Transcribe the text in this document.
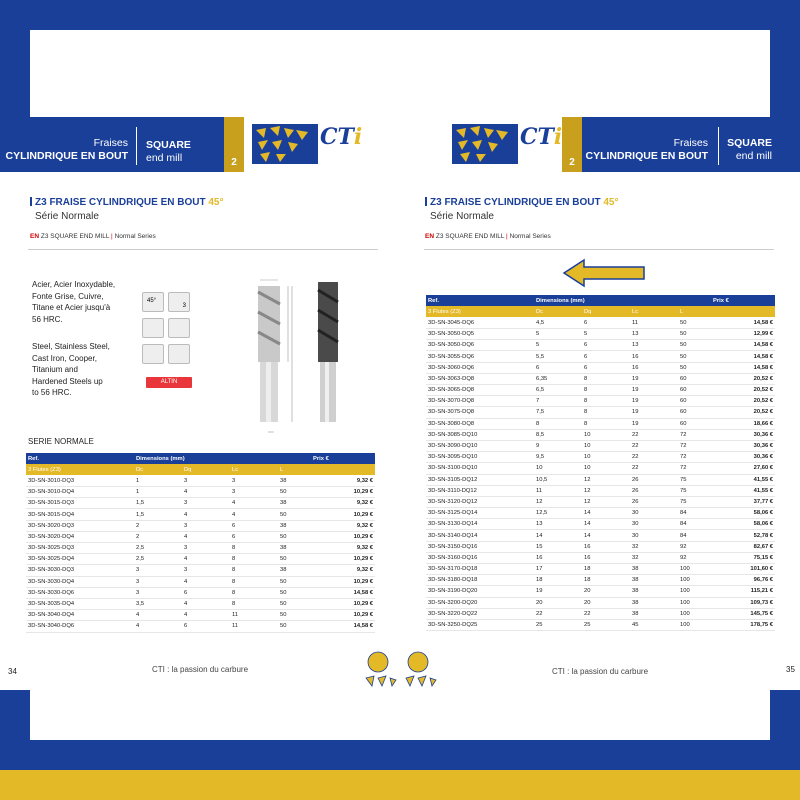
Fraises
CYLINDRIQUE EN BOUT
SQUARE
end mill	2
CTi
Z3 FRAISE CYLINDRIQUE EN BOUT 45°
Série Normale
EN Z3 SQUARE END MILL | Normal Series
Acier, Acier Inoxydable,
Fonte Grise, Cuivre,
Titane et Acier jusqu'à
56 HRC.
Steel, Stainless Steel,
Cast Iron, Cooper,
Titanium and
Hardened Steels up
to 56 HRC.
45°
3
ALTIN
SERIE NORMALE
Ref.	Dimensions (mm)				Prix €
3 Flutes (Z3)	Dc	Dq	Lc	L	
3D-SN-3010-DQ3	1	3	3	38	9,32 €
3D-SN-3010-DQ4	1	4	3	50	10,29 €
3D-SN-3015-DQ3	1,5	3	4	38	9,32 €
3D-SN-3015-DQ4	1,5	4	4	50	10,29 €
3D-SN-3020-DQ3	2	3	6	38	9,32 €
3D-SN-3020-DQ4	2	4	6	50	10,29 €
3D-SN-3025-DQ3	2,5	3	8	38	9,32 €
3D-SN-3025-DQ4	2,5	4	8	50	10,29 €
3D-SN-3030-DQ3	3	3	8	38	9,32 €
3D-SN-3030-DQ4	3	4	8	50	10,29 €
3D-SN-3030-DQ6	3	6	8	50	14,58 €
3D-SN-3035-DQ4	3,5	4	8	50	10,29 €
3D-SN-3040-DQ4	4	4	11	50	10,29 €
3D-SN-3040-DQ6	4	6	11	50	14,58 €
34	CTI : la passion du carbure
CTi
2
Fraises
CYLINDRIQUE EN BOUT
SQUARE
end mill
Z3 FRAISE CYLINDRIQUE EN BOUT 45°
Série Normale
EN Z3 SQUARE END MILL | Normal Series
Ref.	Dimensions (mm)				Prix €
3 Flutes (Z3)	Dc	Dq	Lc	L	
3D-SN-3045-DQ6	4,5	6	11	50	14,58 €
3D-SN-3050-DQ5	5	5	13	50	12,99 €
3D-SN-3050-DQ6	5	6	13	50	14,58 €
3D-SN-3055-DQ6	5,5	6	16	50	14,58 €
3D-SN-3060-DQ6	6	6	16	50	14,58 €
3D-SN-3063-DQ8	6,35	8	19	60	20,52 €
3D-SN-3065-DQ8	6,5	8	19	60	20,52 €
3D-SN-3070-DQ8	7	8	19	60	20,52 €
3D-SN-3075-DQ8	7,5	8	19	60	20,52 €
3D-SN-3080-DQ8	8	8	19	60	18,66 €
3D-SN-3085-DQ10	8,5	10	22	72	30,36 €
3D-SN-3090-DQ10	9	10	22	72	30,36 €
3D-SN-3095-DQ10	9,5	10	22	72	30,36 €
3D-SN-3100-DQ10	10	10	22	72	27,60 €
3D-SN-3105-DQ12	10,5	12	26	75	41,55 €
3D-SN-3110-DQ12	11	12	26	75	41,55 €
3D-SN-3120-DQ12	12	12	26	75	37,77 €
3D-SN-3125-DQ14	12,5	14	30	84	58,06 €
3D-SN-3130-DQ14	13	14	30	84	58,06 €
3D-SN-3140-DQ14	14	14	30	84	52,78 €
3D-SN-3150-DQ16	15	16	32	92	82,67 €
3D-SN-3160-DQ16	16	16	32	92	75,15 €
3D-SN-3170-DQ18	17	18	38	100	101,60 €
3D-SN-3180-DQ18	18	18	38	100	96,76 €
3D-SN-3190-DQ20	19	20	38	100	115,21 €
3D-SN-3200-DQ20	20	20	38	100	109,73 €
3D-SN-3220-DQ22	22	22	38	100	145,75 €
3D-SN-3250-DQ25	25	25	45	100	178,75 €
CTI : la passion du carbure	35
